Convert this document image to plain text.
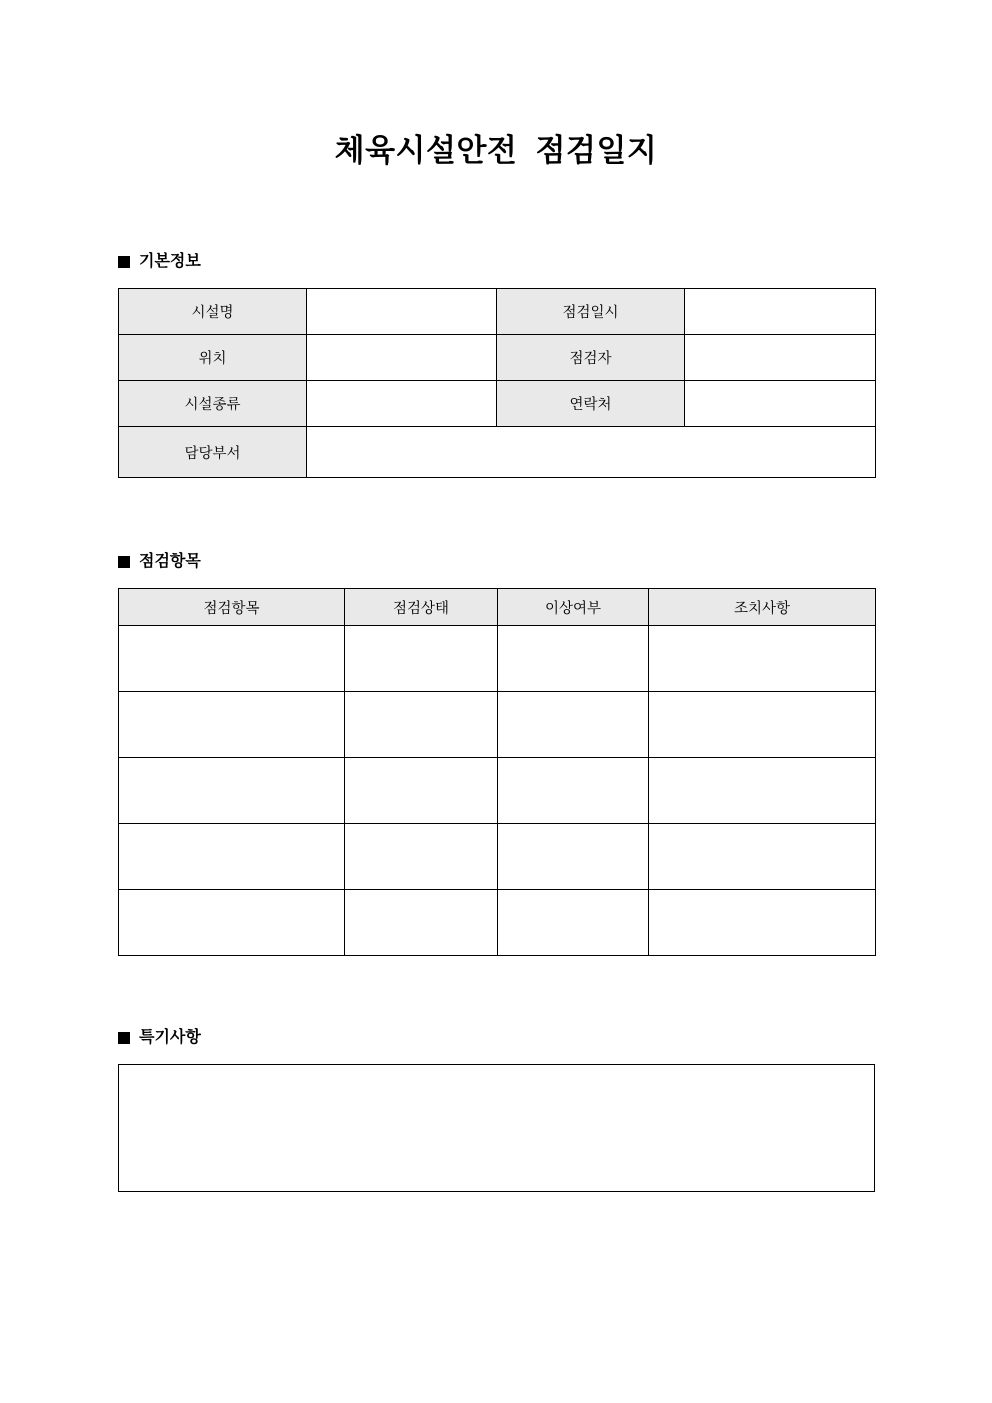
체육시설안전  점검일지
기본정보
시설명		점검일시	
위치		점검자	
시설종류		연락처	
담당부서			
점검항목
점검항목	점검상태	이상여부	조치사항

특기사항
